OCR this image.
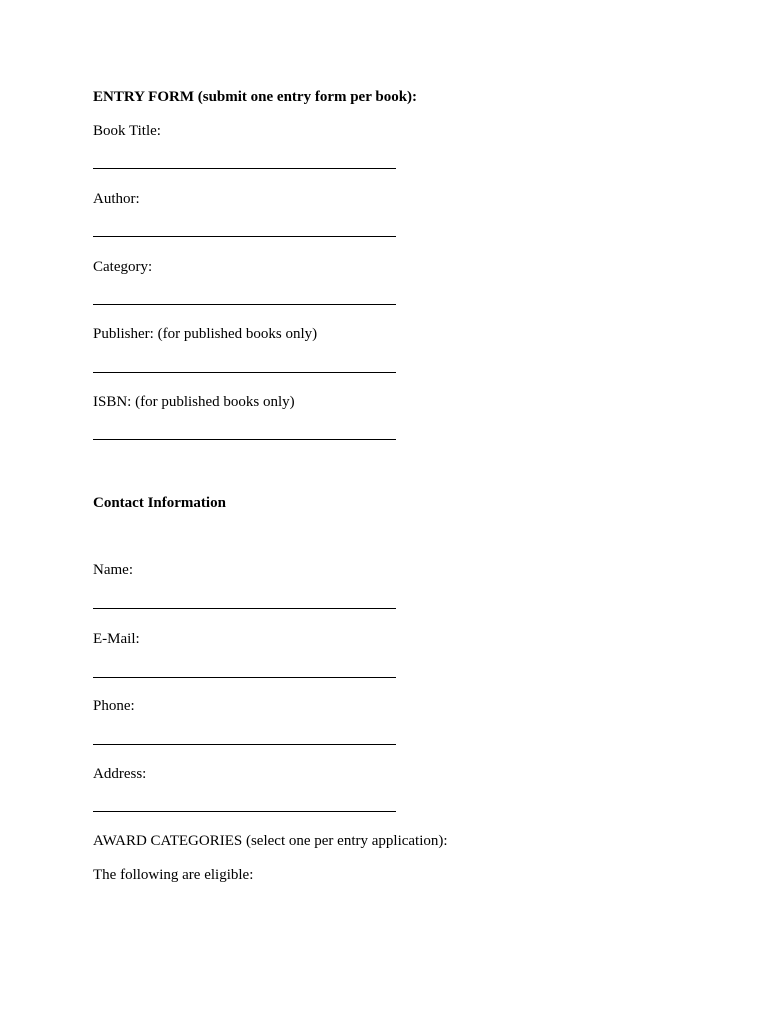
ENTRY FORM (submit one entry form per book):
Book Title:
Author:
Category:
Publisher: (for published books only)
ISBN: (for published books only)
Contact Information
Name:
E-Mail:
Phone:
Address:
AWARD CATEGORIES (select one per entry application):
The following are eligible:
